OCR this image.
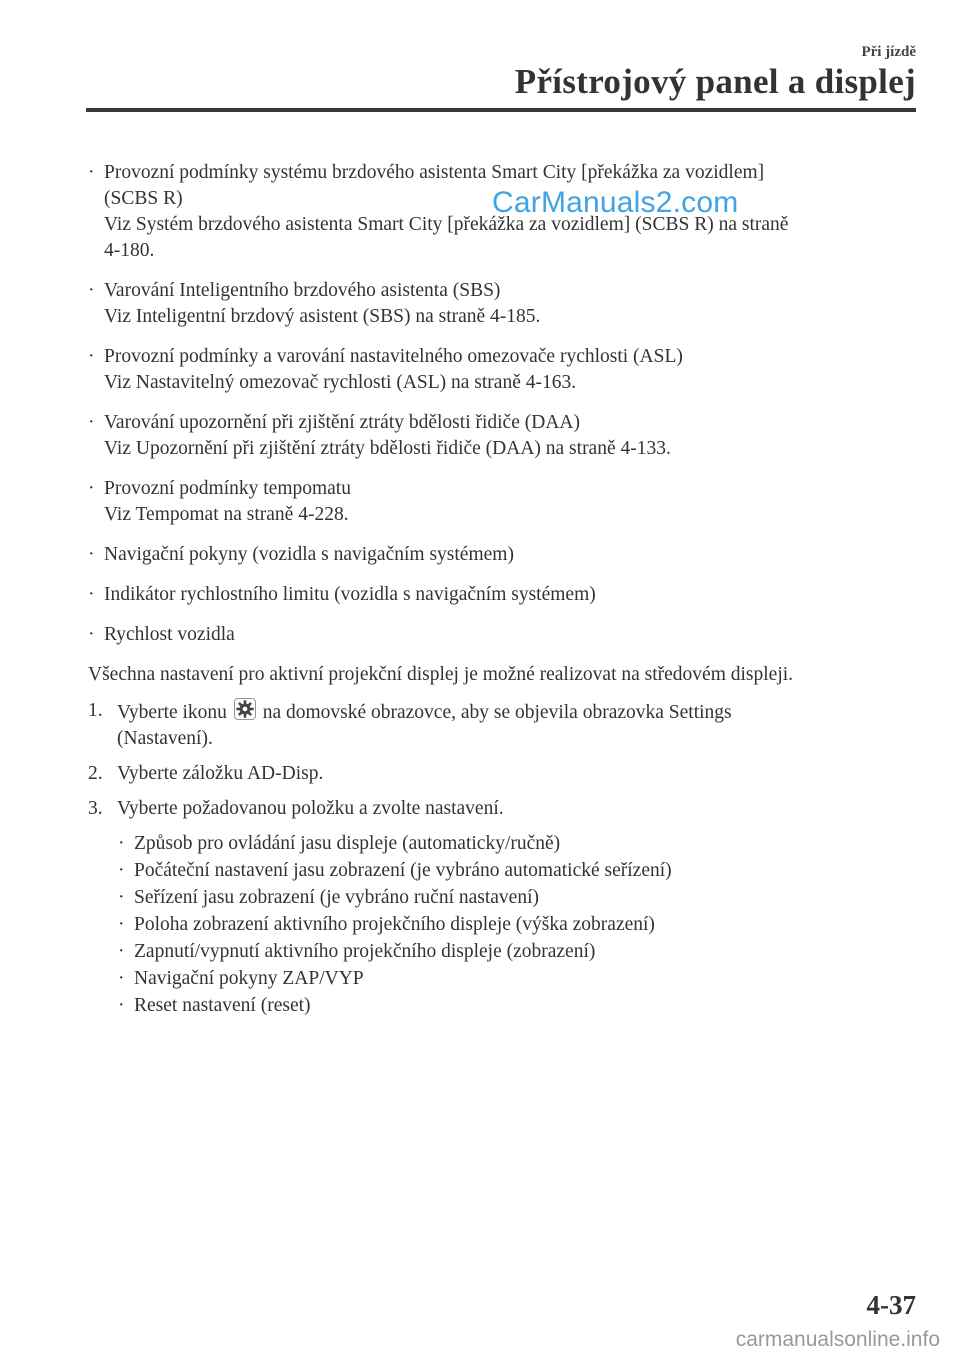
Při jízdě
Přístrojový panel a displej
CarManuals2.com
· Provozní podmínky systému brzdového asistenta Smart City [překážka za vozidlem]
(SCBS R)
Viz Systém brzdového asistenta Smart City [překážka za vozidlem] (SCBS R) na straně
4-180.
· Varování Inteligentního brzdového asistenta (SBS)
Viz Inteligentní brzdový asistent (SBS) na straně 4-185.
· Provozní podmínky a varování nastavitelného omezovače rychlosti (ASL)
Viz Nastavitelný omezovač rychlosti (ASL) na straně 4-163.
· Varování upozornění při zjištění ztráty bdělosti řidiče (DAA)
Viz Upozornění při zjištění ztráty bdělosti řidiče (DAA) na straně 4-133.
· Provozní podmínky tempomatu
Viz Tempomat na straně 4-228.
· Navigační pokyny (vozidla s navigačním systémem)
· Indikátor rychlostního limitu (vozidla s navigačním systémem)
· Rychlost vozidla

Všechna nastavení pro aktivní projekční displej je možné realizovat na středovém displeji.

1. Vyberte ikonu na domovské obrazovce, aby se objevila obrazovka Settings
(Nastavení).
2. Vyberte záložku AD-Disp.
3. Vyberte požadovanou položku a zvolte nastavení.
· Způsob pro ovládání jasu displeje (automaticky/ručně)
· Počáteční nastavení jasu zobrazení (je vybráno automatické seřízení)
· Seřízení jasu zobrazení (je vybráno ruční nastavení)
· Poloha zobrazení aktivního projekčního displeje (výška zobrazení)
· Zapnutí/vypnutí aktivního projekčního displeje (zobrazení)
· Navigační pokyny ZAP/VYP
· Reset nastavení (reset)
4-37
carmanualsonline.info
